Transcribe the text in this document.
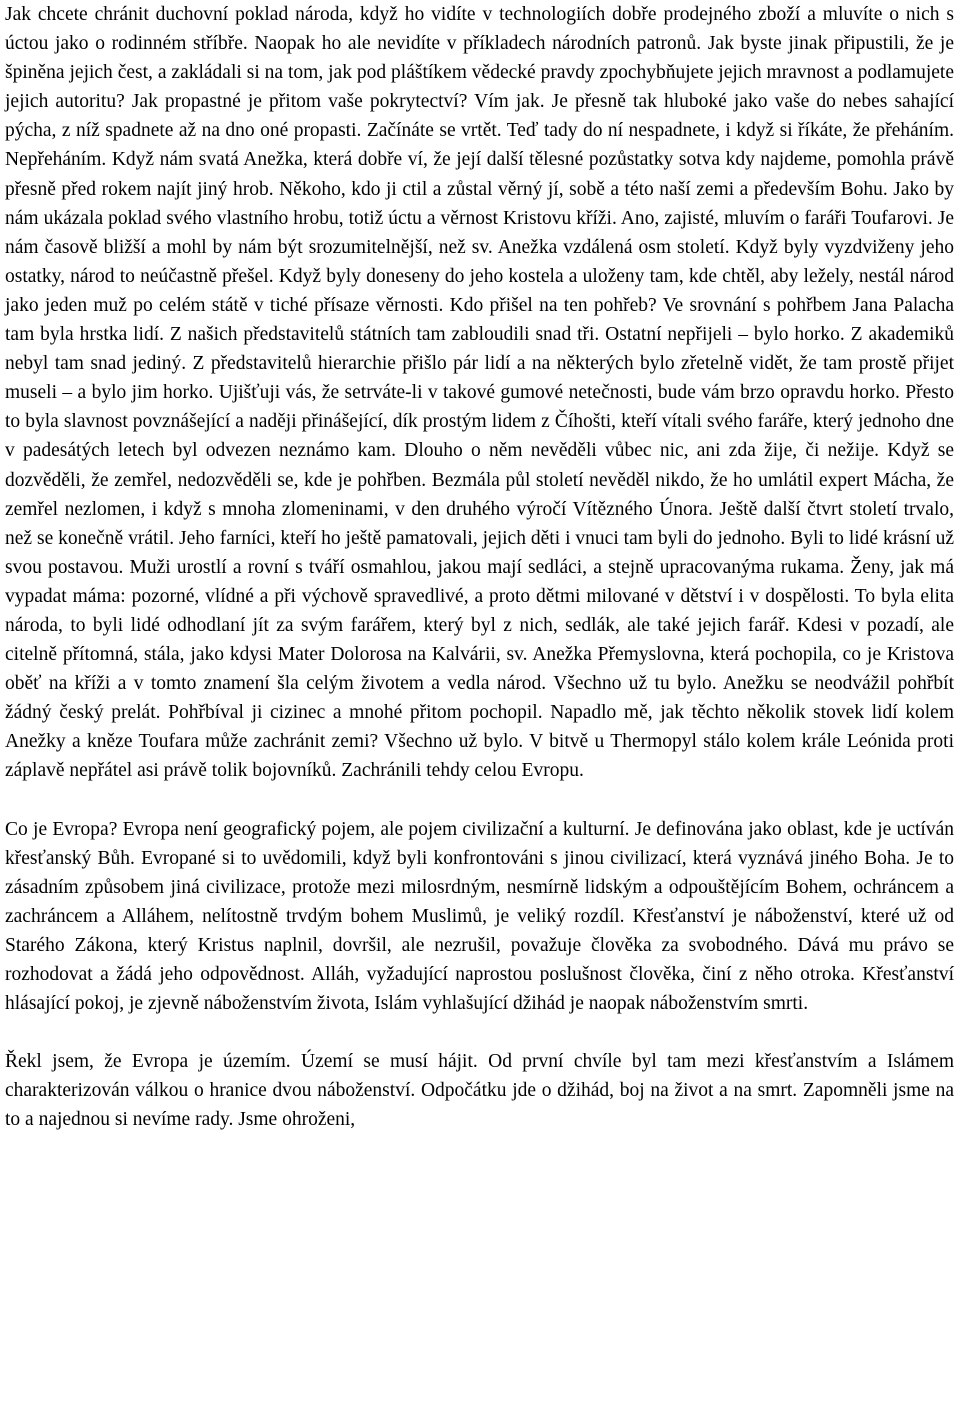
Jak chcete chránit duchovní poklad národa, když ho vidíte v technologiích dobře prodejného zboží a mluvíte o nich s úctou jako o rodinném stříbře. Naopak ho ale nevidíte v příkladech národních patronů. Jak byste jinak připustili, že je špiněna jejich čest, a zakládali si na tom, jak pod pláštíkem vědecké pravdy zpochybňujete jejich mravnost a podlamujete jejich autoritu? Jak propastné je přitom vaše pokrytectví? Vím jak. Je přesně tak hluboké jako vaše do nebes sahající pýcha, z níž spadnete až na dno oné propasti. Začínáte se vrtět. Teď tady do ní nespadnete, i když si říkáte, že přeháním. Nepřeháním. Když nám svatá Anežka, která dobře ví, že její další tělesné pozůstatky sotva kdy najdeme, pomohla právě přesně před rokem najít jiný hrob. Někoho, kdo ji ctil a zůstal věrný jí, sobě a této naší zemi a především Bohu. Jako by nám ukázala poklad svého vlastního hrobu, totiž úctu a věrnost Kristovu kříži. Ano, zajisté, mluvím o faráři Toufarovi. Je nám časově bližší a mohl by nám být srozumitelnější, než sv. Anežka vzdálená osm století. Když byly vyzdviženy jeho ostatky, národ to neúčastně přešel. Když byly doneseny do jeho kostela a uloženy tam, kde chtěl, aby ležely, nestál národ jako jeden muž po celém státě v tiché přísaze věrnosti. Kdo přišel na ten pohřeb? Ve srovnání s pohřbem Jana Palacha tam byla hrstka lidí. Z našich představitelů státních tam zabloudili snad tři. Ostatní nepřijeli – bylo horko. Z akademiků nebyl tam snad jediný. Z představitelů hierarchie přišlo pár lidí a na některých bylo zřetelně vidět, že tam prostě přijet museli – a bylo jim horko. Ujišťuji vás, že setrváte-li v takové gumové netečnosti, bude vám brzo opravdu horko. Přesto to byla slavnost povznášející a naději přinášející, dík prostým lidem z Číhošti, kteří vítali svého faráře, který jednoho dne v padesátých letech byl odvezen neznámo kam. Dlouho o něm nevěděli vůbec nic, ani zda žije, či nežije. Když se dozvěděli, že zemřel, nedozvěděli se, kde je pohřben. Bezmála půl století nevěděl nikdo, že ho umlátil expert Mácha, že zemřel nezlomen, i když s mnoha zlomeninami, v den druhého výročí Vítězného Února. Ještě další čtvrt století trvalo, než se konečně vrátil. Jeho farníci, kteří ho ještě pamatovali, jejich děti i vnuci tam byli do jednoho. Byli to lidé krásní už svou postavou. Muži urostlí a rovní s tváří osmahlou, jakou mají sedláci, a stejně upracovanýma rukama. Ženy, jak má vypadat máma: pozorné, vlídné a při výchově spravedlivé, a proto dětmi milované v dětství i v dospělosti. To byla elita národa, to byli lidé odhodlaní jít za svým farářem, který byl z nich, sedlák, ale také jejich farář. Kdesi v pozadí, ale citelně přítomná, stála, jako kdysi Mater Dolorosa na Kalvárii, sv. Anežka Přemyslovna, která pochopila, co je Kristova oběť na kříži a v tomto znamení šla celým životem a vedla národ. Všechno už tu bylo. Anežku se neodvážil pohřbít žádný český prelát. Pohřbíval ji cizinec a mnohé přitom pochopil. Napadlo mě, jak těchto několik stovek lidí kolem Anežky a kněze Toufara může zachránit zemi? Všechno už bylo. V bitvě u Thermopyl stálo kolem krále Leónida proti záplavě nepřátel asi právě tolik bojovníků. Zachránili tehdy celou Evropu.

Co je Evropa? Evropa není geografický pojem, ale pojem civilizační a kulturní. Je definována jako oblast, kde je uctíván křesťanský Bůh. Evropané si to uvědomili, když byli konfrontováni s jinou civilizací, která vyznává jiného Boha. Je to zásadním způsobem jiná civilizace, protože mezi milosrdným, nesmírně lidským a odpouštějícím Bohem, ochráncem a zachráncem a Alláhem, nelítostně trvdým bohem Muslimů, je veliký rozdíl. Křesťanství je náboženství, které už od Starého Zákona, který Kristus naplnil, dovršil, ale nezrušil, považuje člověka za svobodného. Dává mu právo se rozhodovat a žádá jeho odpovědnost. Alláh, vyžadující naprostou poslušnost člověka, činí z něho otroka. Křesťanství hlásající pokoj, je zjevně náboženstvím života, Islám vyhlašující džihád je naopak náboženstvím smrti.

Řekl jsem, že Evropa je územím. Území se musí hájit. Od první chvíle byl tam mezi křesťanstvím a Islámem charakterizován válkou o hranice dvou náboženství. Odpočátku jde o džihád, boj na život a na smrt. Zapomněli jsme na to a najednou si nevíme rady. Jsme ohroženi,
